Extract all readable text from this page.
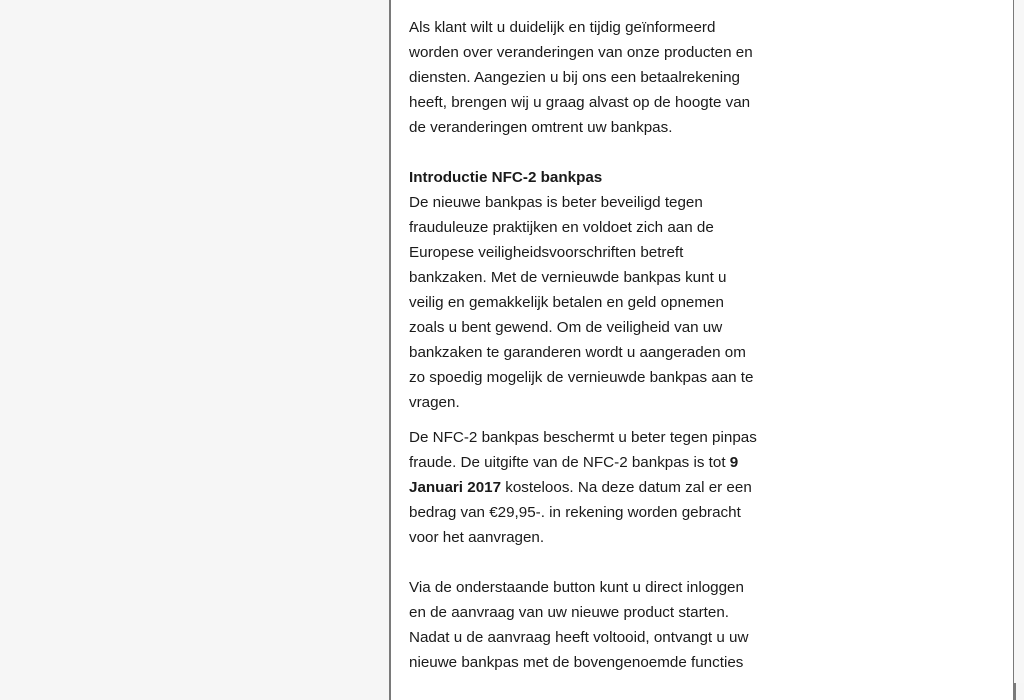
Als klant wilt u duidelijk en tijdig geïnformeerd
worden over veranderingen van onze producten en
diensten. Aangezien u bij ons een betaalrekening
heeft, brengen wij u graag alvast op de hoogte van
de veranderingen omtrent uw bankpas.
Introductie NFC-2 bankpas
De nieuwe bankpas is beter beveiligd tegen
frauduleuze praktijken en voldoet zich aan de
Europese veiligheidsvoorschriften betreft
bankzaken. Met de vernieuwde bankpas kunt u
veilig en gemakkelijk betalen en geld opnemen
zoals u bent gewend. Om de veiligheid van uw
bankzaken te garanderen wordt u aangeraden om
zo spoedig mogelijk de vernieuwde bankpas aan te
vragen.
De NFC-2 bankpas beschermt u beter tegen pinpas
fraude. De uitgifte van de NFC-2 bankpas is tot 9
Januari 2017 kosteloos. Na deze datum zal er een
bedrag van €29,95-. in rekening worden gebracht
voor het aanvragen.
Via de onderstaande button kunt u direct inloggen
en de aanvraag van uw nieuwe product starten.
Nadat u de aanvraag heeft voltooid, ontvangt u uw
nieuwe bankpas met de bovengenoemde functies
